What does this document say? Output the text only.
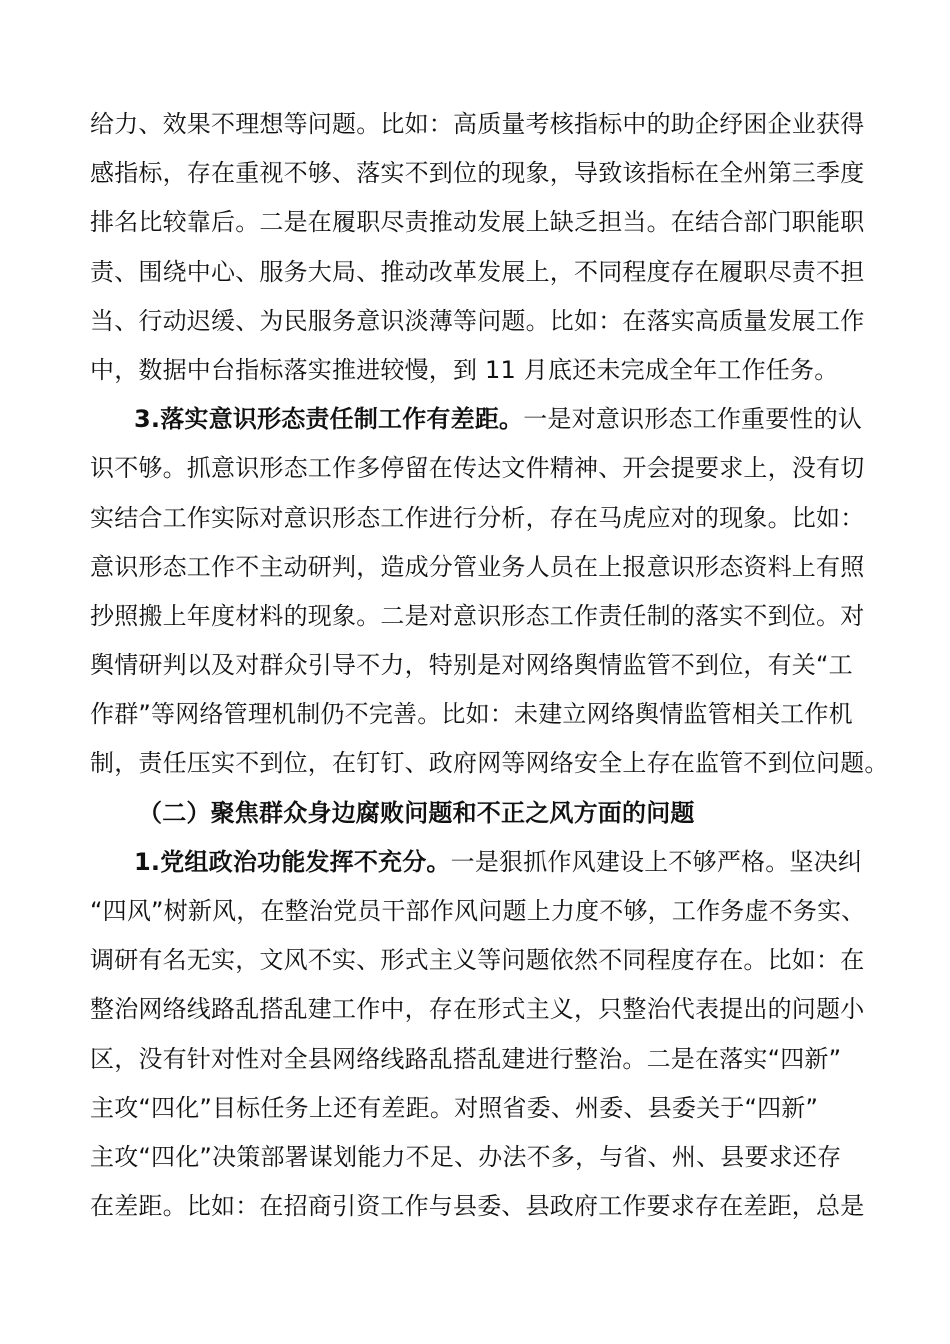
给力、效果不理想等问题。比如：高质量考核指标中的助企纾困企业获得
感指标，存在重视不够、落实不到位的现象，导致该指标在全州第三季度
排名比较靠后。二是在履职尽责推动发展上缺乏担当。在结合部门职能职
责、围绕中心、服务大局、推动改革发展上，不同程度存在履职尽责不担
当、行动迟缓、为民服务意识淡薄等问题。比如：在落实高质量发展工作
中，数据中台指标落实推进较慢，到 11 月底还未完成全年工作任务。
3.落实意识形态责任制工作有差距。一是对意识形态工作重要性的认
识不够。抓意识形态工作多停留在传达文件精神、开会提要求上，没有切
实结合工作实际对意识形态工作进行分析，存在马虎应对的现象。比如：
意识形态工作不主动研判，造成分管业务人员在上报意识形态资料上有照
抄照搬上年度材料的现象。二是对意识形态工作责任制的落实不到位。对
舆情研判以及对群众引导不力，特别是对网络舆情监管不到位，有关“工
作群”等网络管理机制仍不完善。比如：未建立网络舆情监管相关工作机
制，责任压实不到位，在钉钉、政府网等网络安全上存在监管不到位问题。
（二）聚焦群众身边腐败问题和不正之风方面的问题
1.党组政治功能发挥不充分。一是狠抓作风建设上不够严格。坚决纠
“四风”树新风，在整治党员干部作风问题上力度不够，工作务虚不务实、
调研有名无实，文风不实、形式主义等问题依然不同程度存在。比如：在
整治网络线路乱搭乱建工作中，存在形式主义，只整治代表提出的问题小
区，没有针对性对全县网络线路乱搭乱建进行整治。二是在落实“四新”
主攻“四化”目标任务上还有差距。对照省委、州委、县委关于“四新”
主攻“四化”决策部署谋划能力不足、办法不多，与省、州、县要求还存
在差距。比如：在招商引资工作与县委、县政府工作要求存在差距，总是
